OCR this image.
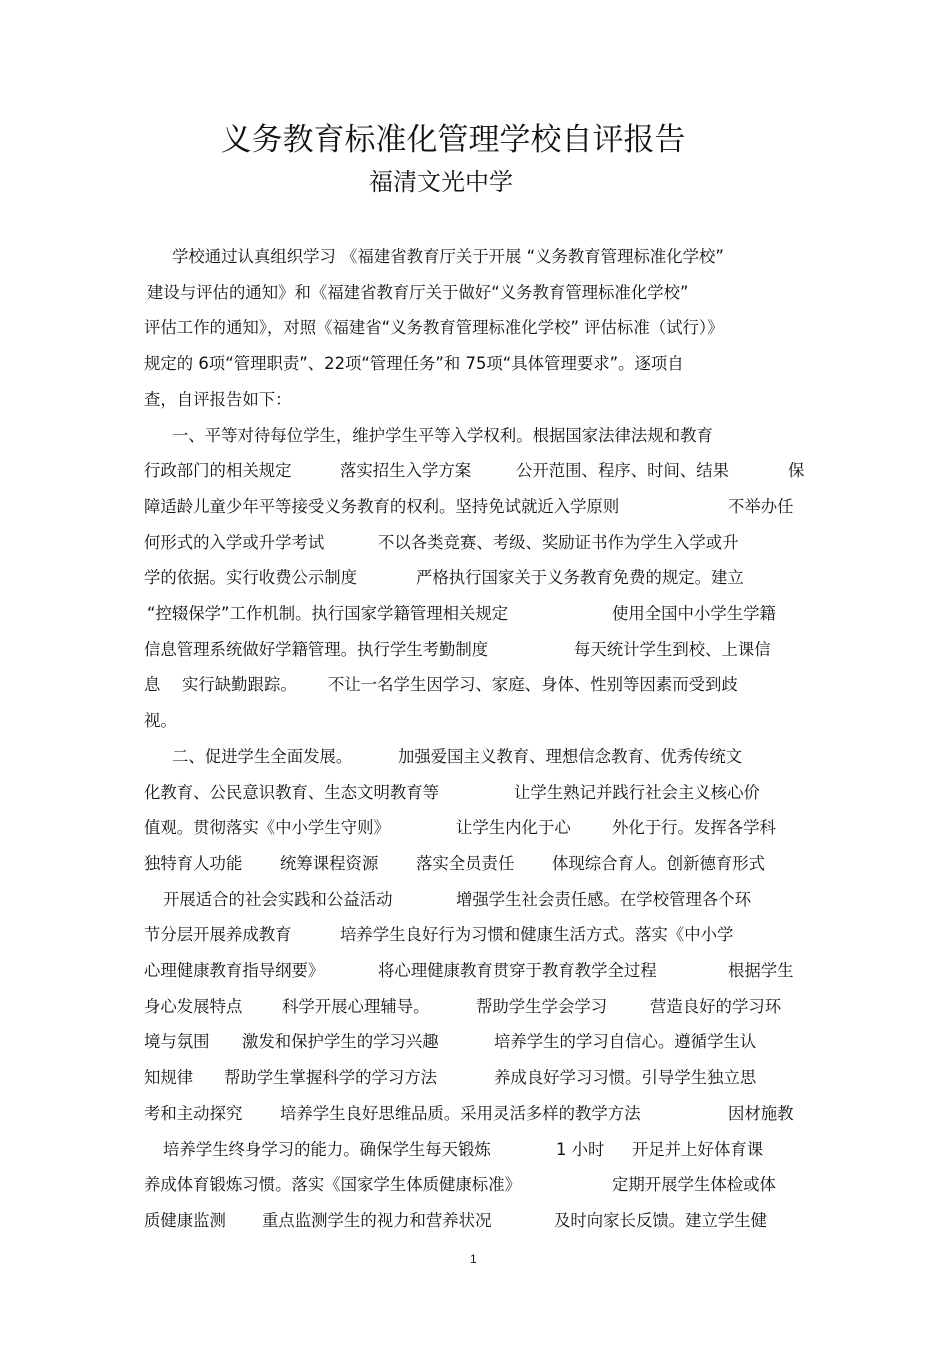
义务教育标准化管理学校自评报告
福清文光中学
学校通过认真组织学习 《福建省教育厅关于开展 “义务教育管理标准化学校”
建设与评估的通知》和《福建省教育厅关于做好“义务教育管理标准化学校”
评估工作的通知》，对照《福建省“义务教育管理标准化学校” 评估标准（试行）》
规定的 6项“管理职责”、22项“管理任务”和 75项“具体管理要求”。逐项自
查，自评报告如下：
一、平等对待每位学生，维护学生平等入学权利。根据国家法律法规和教育
行政部门的相关规定	落实招生入学方案	公开范围、程序、时间、结果	保
障适龄儿童少年平等接受义务教育的权利。坚持免试就近入学原则	不举办任
何形式的入学或升学考试	不以各类竞赛、考级、奖励证书作为学生入学或升
学的依据。实行收费公示制度	严格执行国家关于义务教育免费的规定。建立
“控辍保学”工作机制。执行国家学籍管理相关规定	使用全国中小学生学籍
信息管理系统做好学籍管理。执行学生考勤制度	每天统计学生到校、上课信
息 实行缺勤跟踪。 不让一名学生因学习、家庭、身体、性别等因素而受到歧
视。
二、促进学生全面发展。	加强爱国主义教育、理想信念教育、优秀传统文
化教育、公民意识教育、生态文明教育等	让学生熟记并践行社会主义核心价
值观。贯彻落实《中小学生守则》	让学生内化于心	外化于行。发挥各学科
独特育人功能 统筹课程资源 落实全员责任 体现综合育人。创新德育形式
开展适合的社会实践和公益活动	增强学生社会责任感。在学校管理各个环
节分层开展养成教育	培养学生良好行为习惯和健康生活方式。落实《中小学
心理健康教育指导纲要》	将心理健康教育贯穿于教育教学全过程	根据学生
身心发展特点 科学开展心理辅导。	帮助学生学会学习	营造良好的学习环
境与氛围 激发和保护学生的学习兴趣	培养学生的学习自信心。遵循学生认
知规律 帮助学生掌握科学的学习方法	养成良好学习习惯。引导学生独立思
考和主动探究 培养学生良好思维品质。采用灵活多样的教学方法	因材施教
培养学生终身学习的能力。确保学生每天锻炼	1 小时 开足并上好体育课
养成体育锻炼习惯。落实《国家学生体质健康标准》	定期开展学生体检或体
质健康监测 重点监测学生的视力和营养状况	及时向家长反馈。建立学生健
1
